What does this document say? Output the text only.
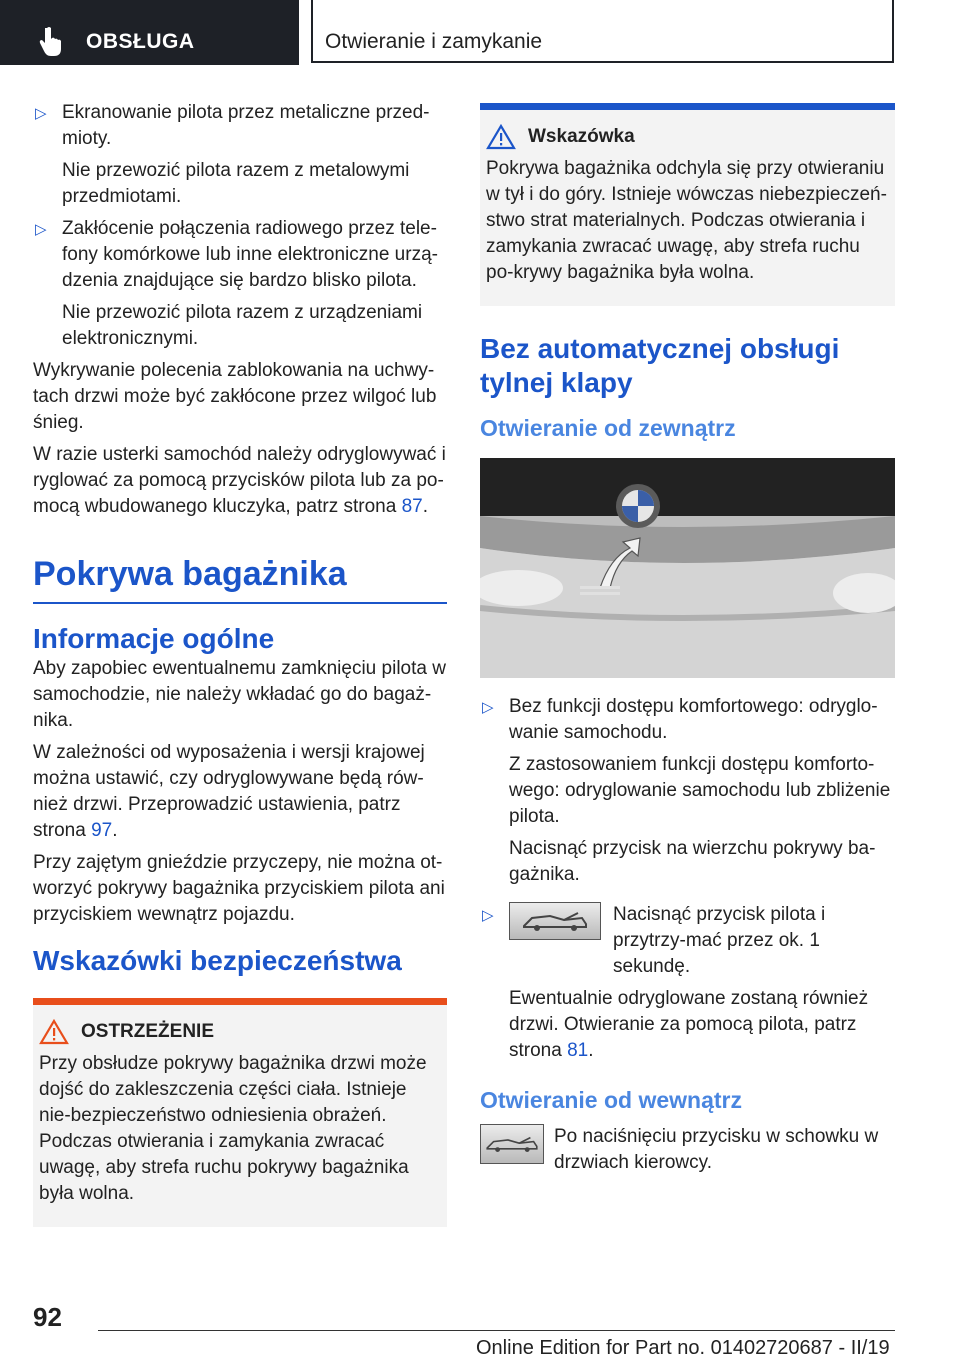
OBSŁUGA	Otwieranie i zamykanie
▷ Ekranowanie pilota przez metaliczne przed‐mioty.
Nie przewozić pilota razem z metalowymi przedmiotami.
▷ Zakłócenie połączenia radiowego przez tele‐fony komórkowe lub inne elektroniczne urzą‐dzenia znajdujące się bardzo blisko pilota.
Nie przewozić pilota razem z urządzeniami elektronicznymi.

Wykrywanie polecenia zablokowania na uchwy‐tach drzwi może być zakłócone przez wilgoć lub śnieg.

W razie usterki samochód należy odryglowywać i ryglować za pomocą przycisków pilota lub za po‐mocą wbudowanego kluczyka, patrz strona 87.

Pokrywa bagażnika
Informacje ogólne

Aby zapobiec ewentualnemu zamknięciu pilota w samochodzie, nie należy wkładać go do bagaż‐nika.

W zależności od wyposażenia i wersji krajowej można ustawić, czy odryglowywane będą rów‐nież drzwi. Przeprowadzić ustawienia, patrz strona 97.

Przy zajętym gnieździe przyczepy, nie można ot‐worzyć pokrywy bagażnika przyciskiem pilota ani przyciskiem wewnątrz pojazdu.

Wskazówki bezpieczeństwa
OSTRZEŻENIE

Przy obsłudze pokrywy bagażnika drzwi może dojść do zakleszczenia części ciała. Istnieje nie‐bezpieczeństwo odniesienia obrażeń. Podczas otwierania i zamykania zwracać uwagę, aby strefa ruchu pokrywy bagażnika była wolna.

Wskazówka

Pokrywa bagażnika odchyla się przy otwieraniu w tył i do góry. Istnieje wówczas niebezpieczeń‐stwo strat materialnych. Podczas otwierania i zamykania zwracać uwagę, aby strefa ruchu po‐krywy bagażnika była wolna.

Bez automatycznej obsługi tylnej klapy
Otwieranie od zewnątrz
▷ Bez funkcji dostępu komfortowego: odryglo‐wanie samochodu.
Z zastosowaniem funkcji dostępu komforto‐wego: odryglowanie samochodu lub zbliżenie pilota.
Nacisnąć przycisk na wierzchu pokrywy ba‐gażnika.
▷	Nacisnąć przycisk pilota i przytrzy‐mać przez ok. 1 sekundę.
Ewentualnie odryglowane zostaną również drzwi. Otwieranie za pomocą pilota, patrz strona 81.
Otwieranie od wewnątrz

Po naciśnięciu przycisku w schowku w drzwiach kierowcy.

92
Online Edition for Part no. 01402720687 - II/19
